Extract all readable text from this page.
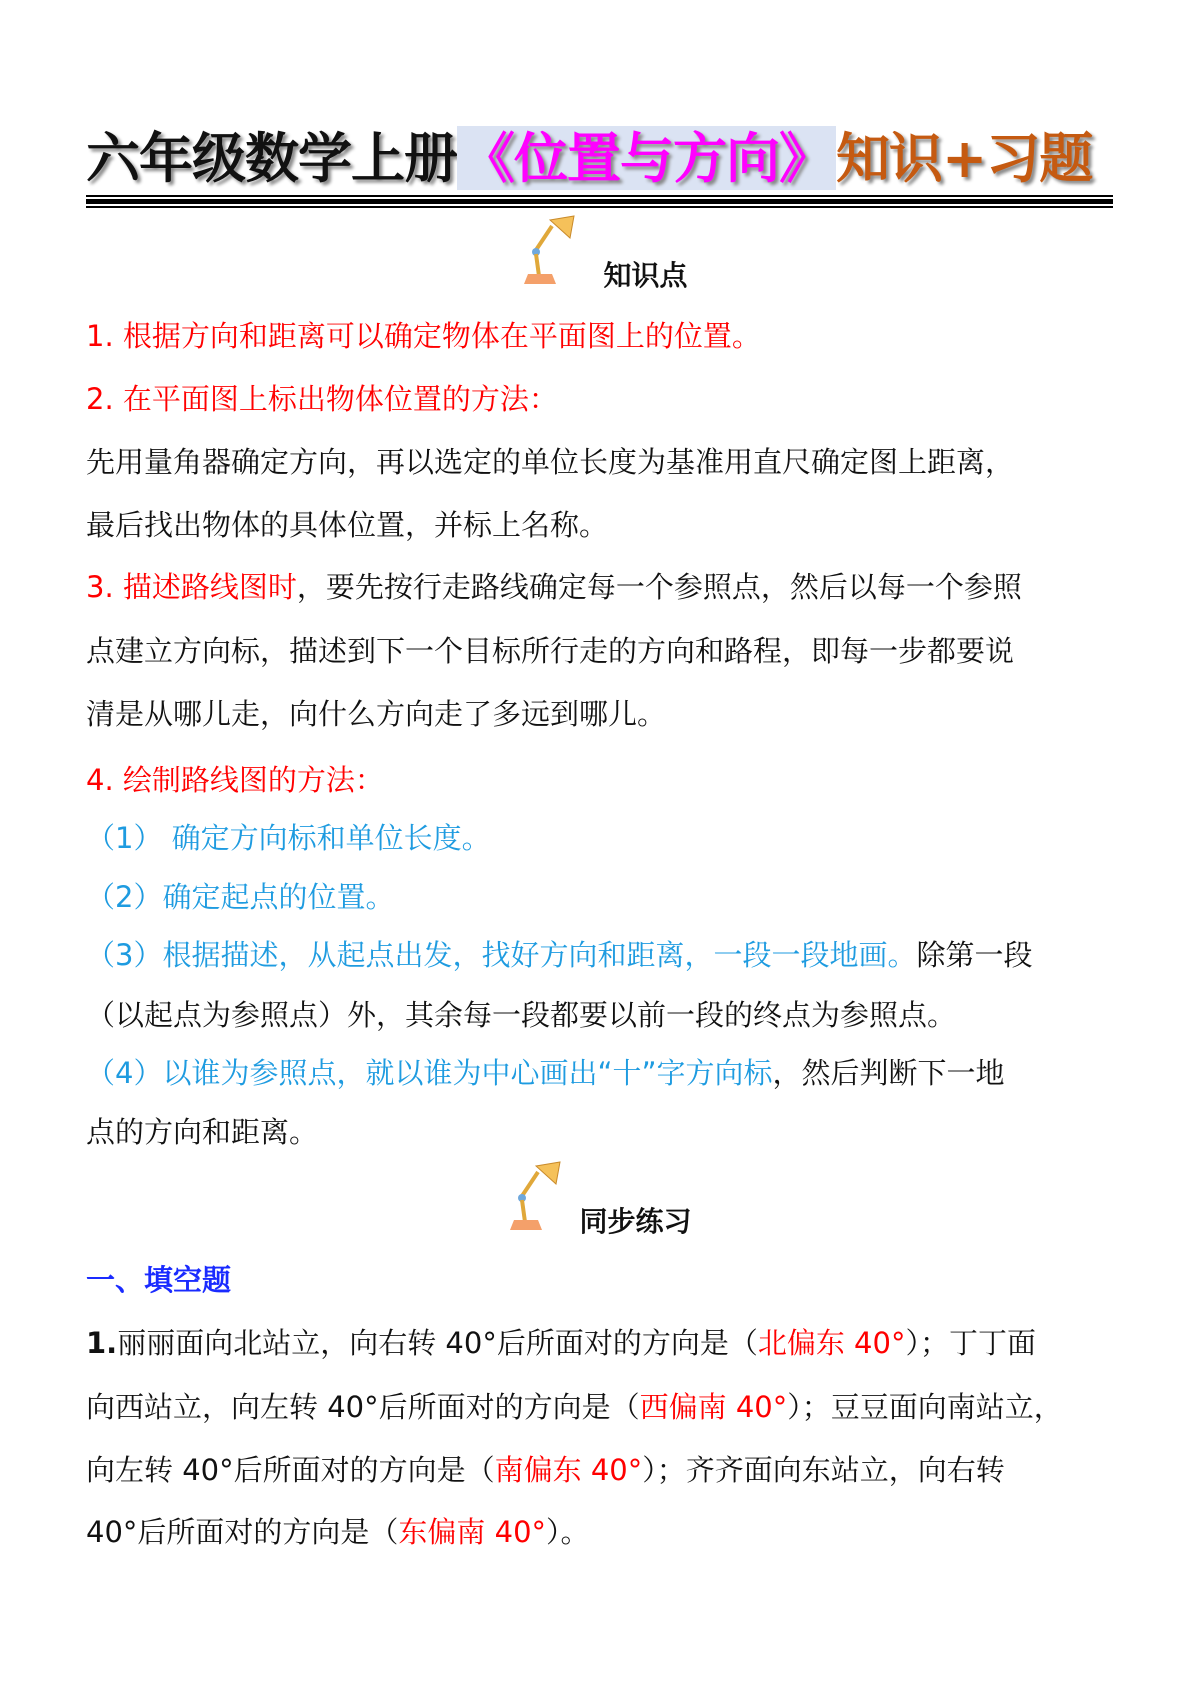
六年级数学上册《位置与方向》知识+习题
知识点
1. 根据方向和距离可以确定物体在平面图上的位置。
2. 在平面图上标出物体位置的方法：
先用量角器确定方向，再以选定的单位长度为基准用直尺确定图上距离，
最后找出物体的具体位置，并标上名称。
3. 描述路线图时，要先按行走路线确定每一个参照点，然后以每一个参照
点建立方向标，描述到下一个目标所行走的方向和路程，即每一步都要说
清是从哪儿走，向什么方向走了多远到哪儿。
4. 绘制路线图的方法：
（1） 确定方向标和单位长度。
（2）确定起点的位置。
（3）根据描述，从起点出发，找好方向和距离，一段一段地画。除第一段
（以起点为参照点）外，其余每一段都要以前一段的终点为参照点。
（4）以谁为参照点，就以谁为中心画出“十”字方向标，然后判断下一地
点的方向和距离。
同步练习
一、填空题
1.丽丽面向北站立，向右转 40°后所面对的方向是（北偏东 40°）；丁丁面
向西站立，向左转 40°后所面对的方向是（西偏南 40°）；豆豆面向南站立，
向左转 40°后所面对的方向是（南偏东 40°）；齐齐面向东站立，向右转
40°后所面对的方向是（东偏南 40°）。
